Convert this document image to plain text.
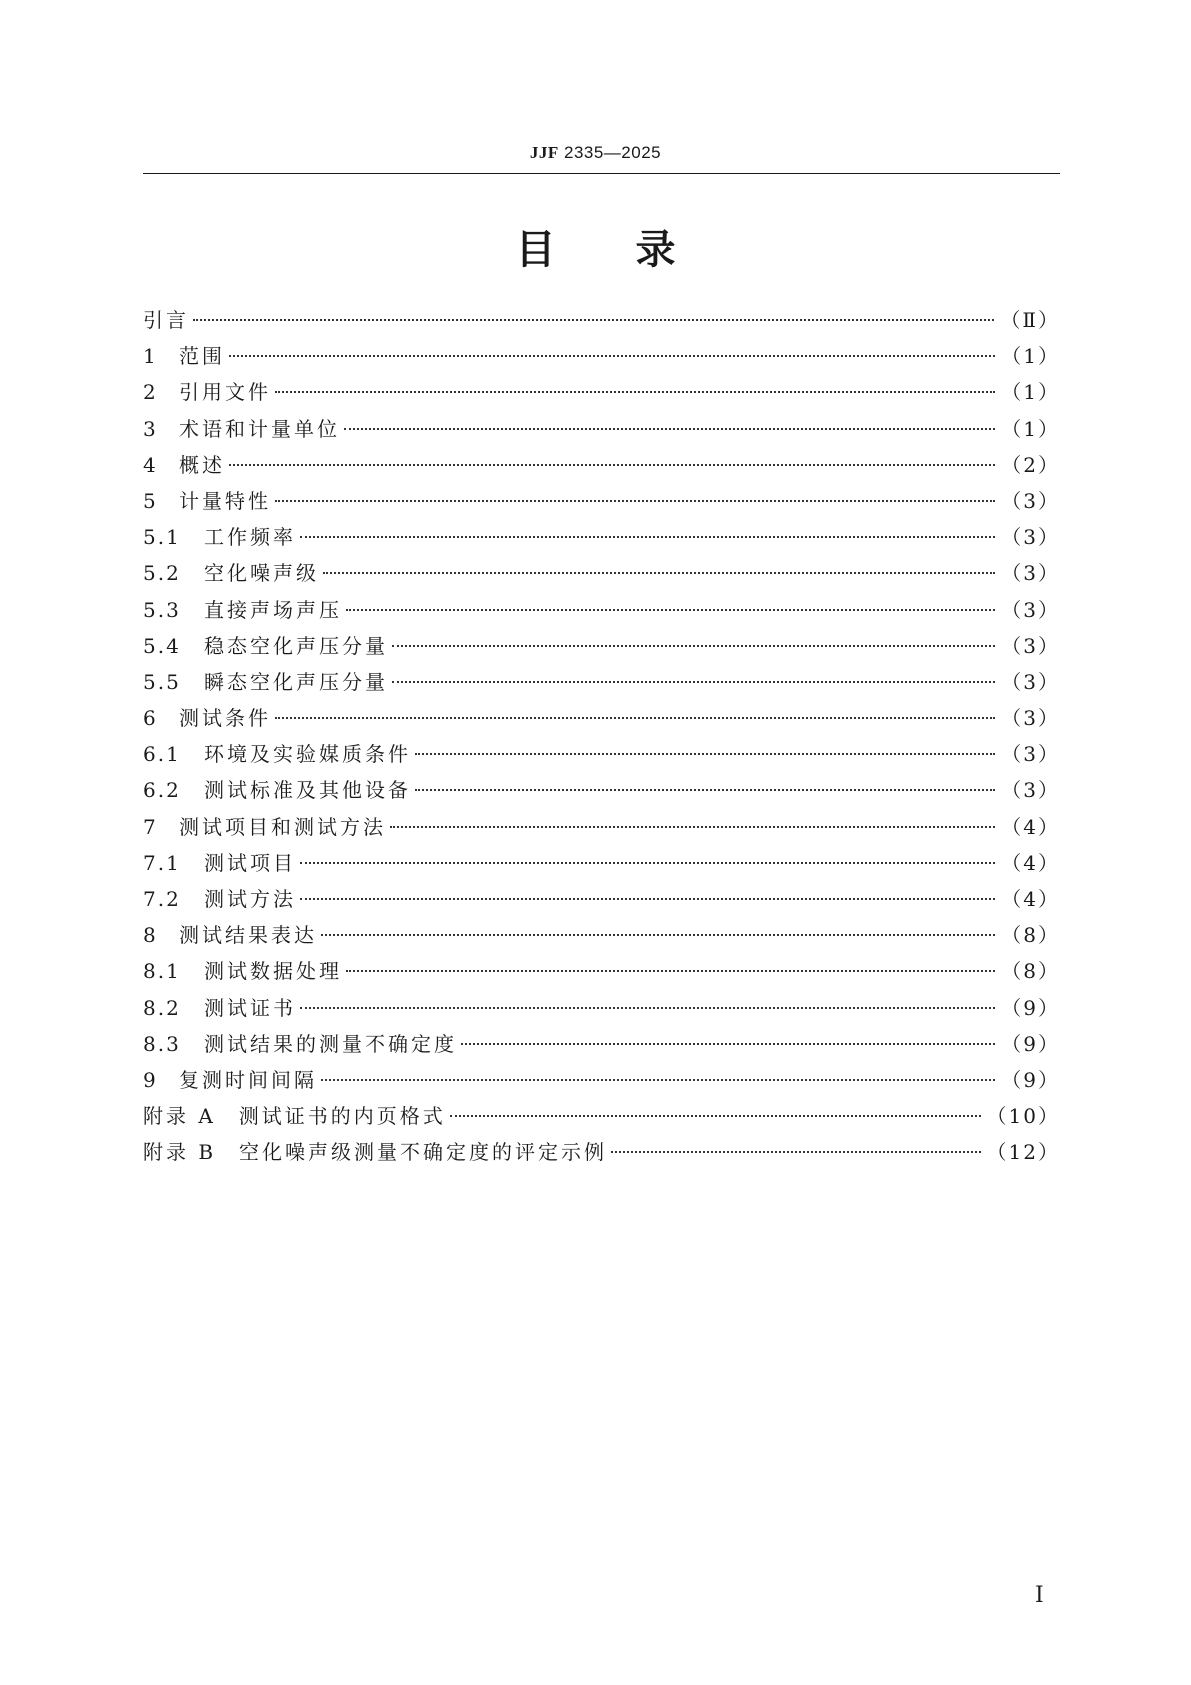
JJF 2335—2025
目 录
引言	（Ⅱ）
1	范围	（1）
2	引用文件	（1）
3	术语和计量单位	（1）
4	概述	（2）
5	计量特性	（3）
5.1	工作频率	（3）
5.2	空化噪声级	（3）
5.3	直接声场声压	（3）
5.4	稳态空化声压分量	（3）
5.5	瞬态空化声压分量	（3）
6	测试条件	（3）
6.1	环境及实验媒质条件	（3）
6.2	测试标准及其他设备	（3）
7	测试项目和测试方法	（4）
7.1	测试项目	（4）
7.2	测试方法	（4）
8	测试结果表达	（8）
8.1	测试数据处理	（8）
8.2	测试证书	（9）
8.3	测试结果的测量不确定度	（9）
9	复测时间间隔	（9）
附录 A　测试证书的内页格式	（10）
附录 B　空化噪声级测量不确定度的评定示例	（12）
Ⅰ
